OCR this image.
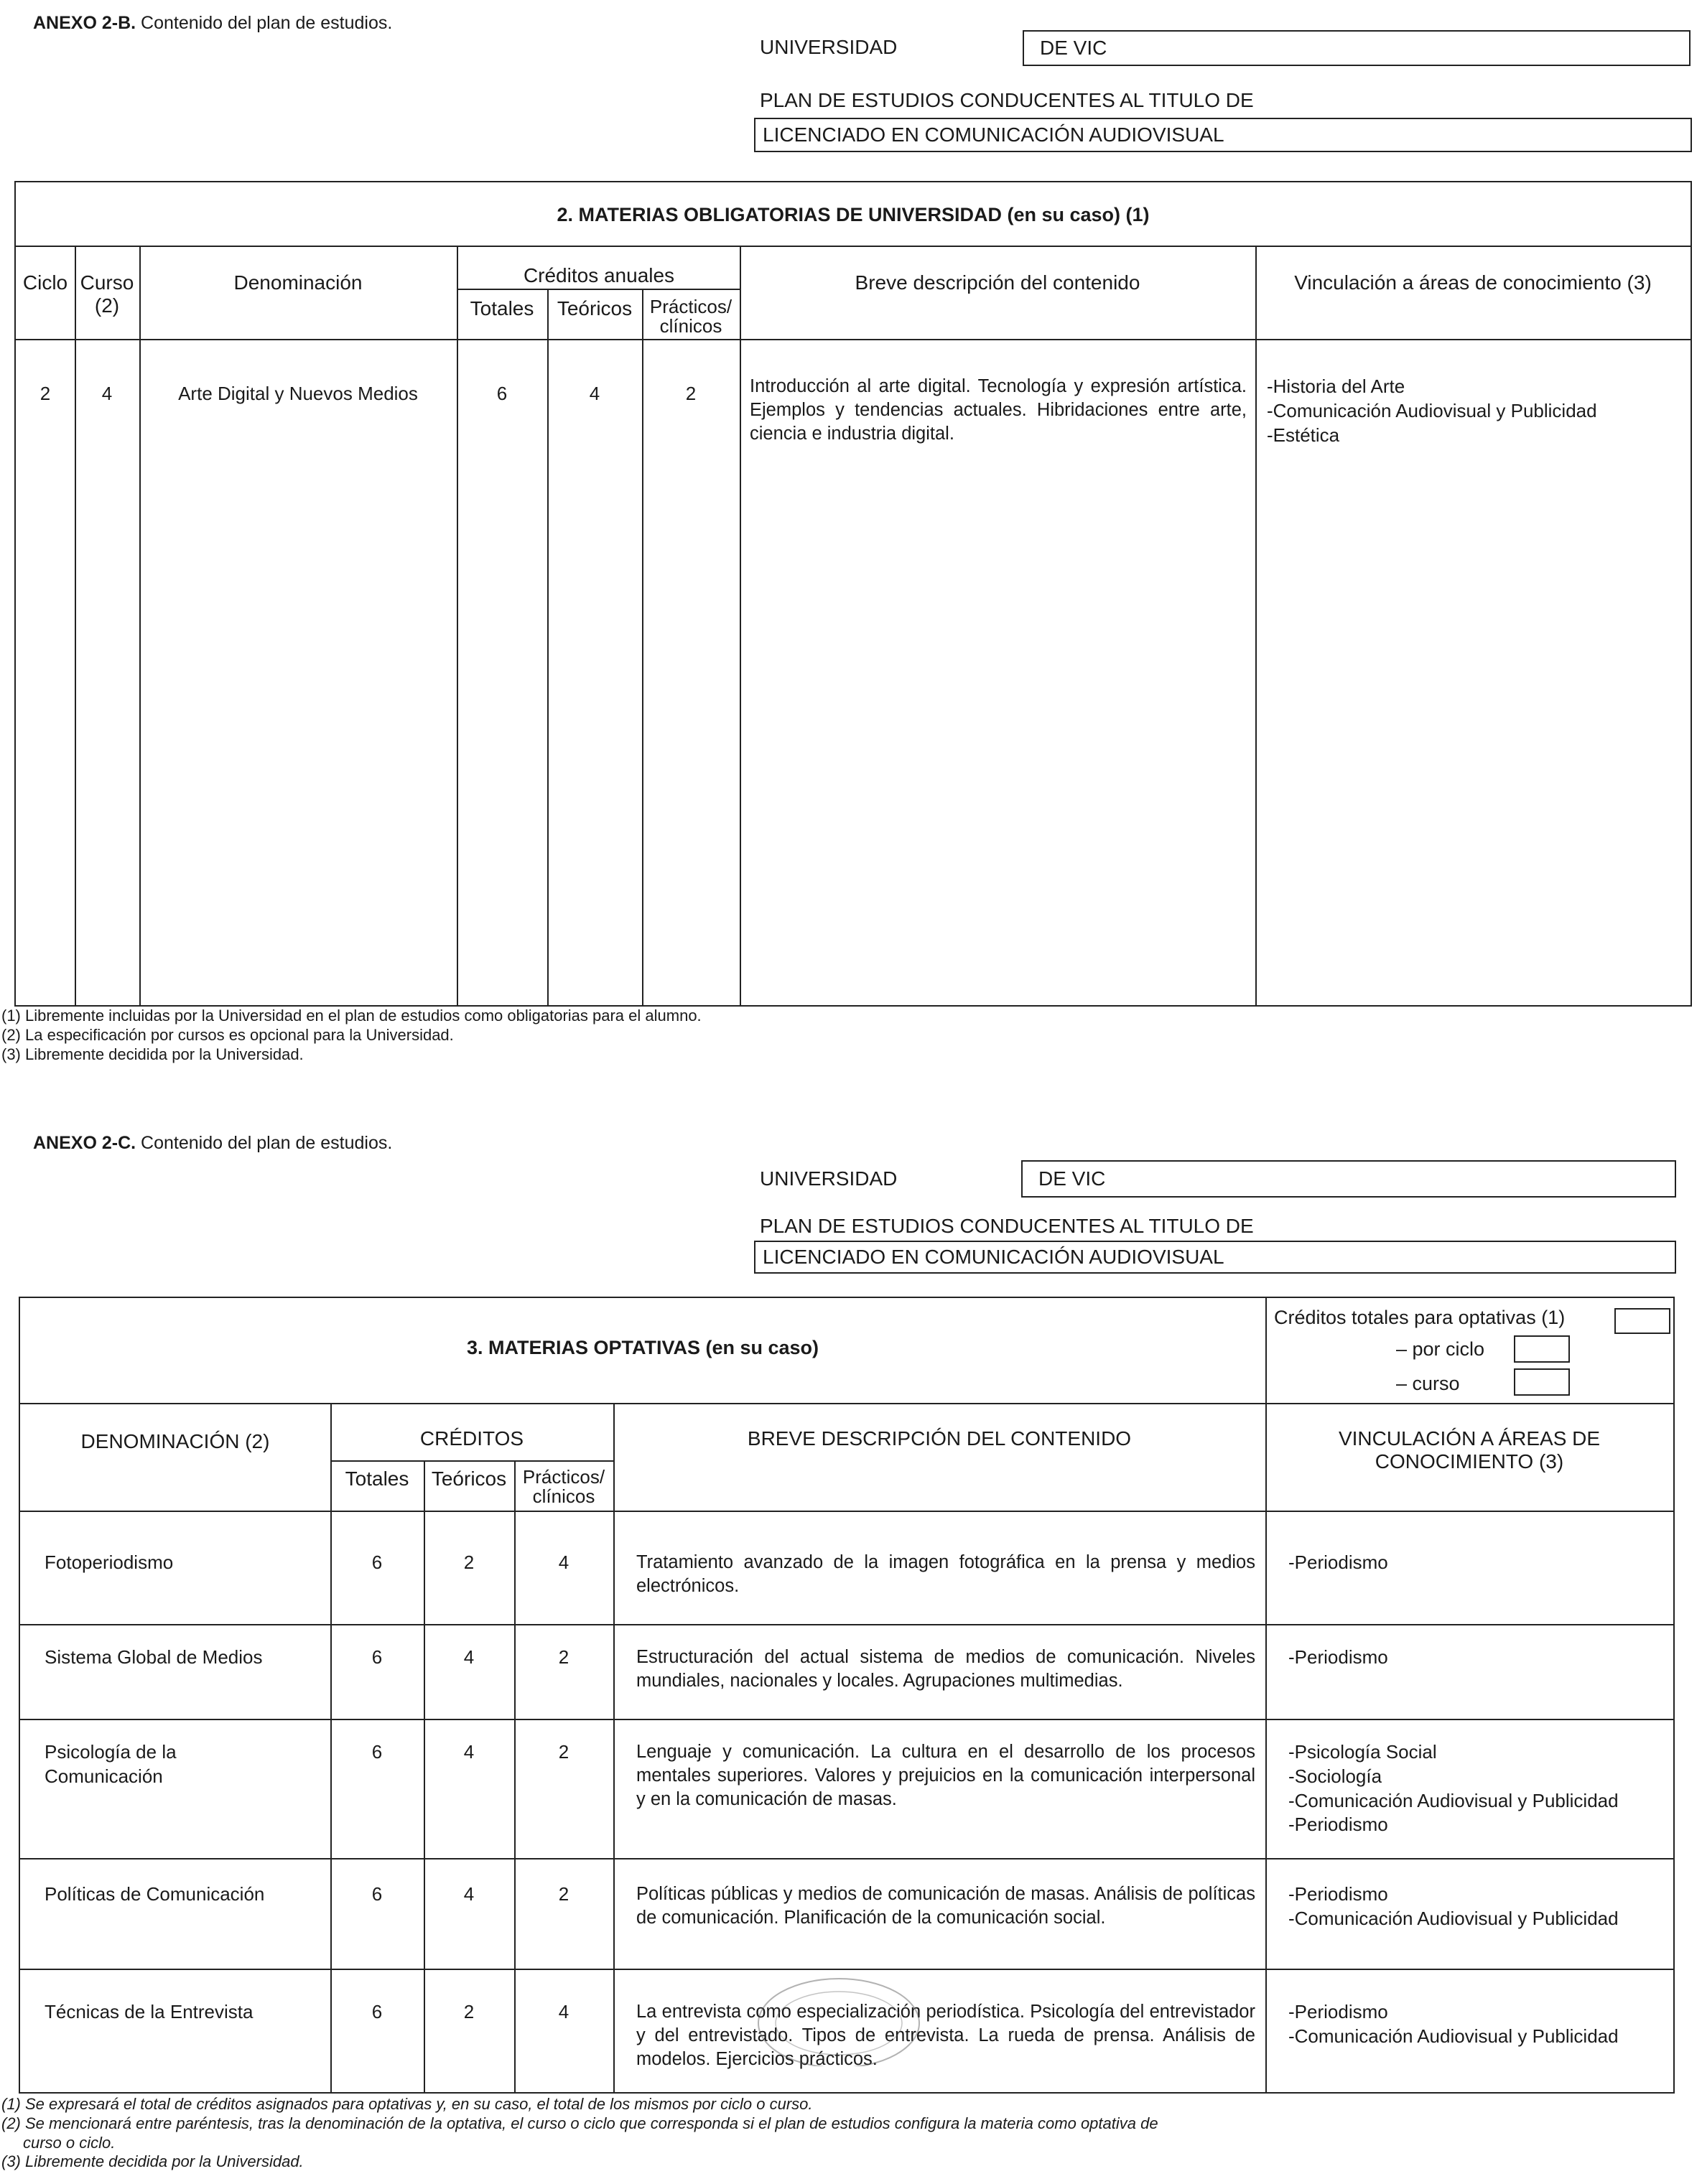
ANEXO 2-B. Contenido del plan de estudios.
UNIVERSIDAD	DE VIC
PLAN DE ESTUDIOS CONDUCENTES AL TITULO DE
LICENCIADO EN COMUNICACIÓN AUDIOVISUAL
2. MATERIAS OBLIGATORIAS DE UNIVERSIDAD (en su caso) (1)
Ciclo Curso
(2)
Denominación	Créditos anuales
Totales	Teóricos Prácticos/
clínicos
Breve descripción del contenido	Vinculación a áreas de conocimiento (3)
2	4	Arte Digital y Nuevos Medios	6	4	2	Introducción al arte digital. Tecnología y expresión artística. Ejemplos y tendencias actuales. Hibridaciones entre arte, ciencia e industria digital.
-Historia del Arte
-Comunicación Audiovisual y Publicidad
-Estética
(1) Libremente incluidas por la Universidad en el plan de estudios como obligatorias para el alumno.
(2) La especificación por cursos es opcional para la Universidad.
(3) Libremente decidida por la Universidad.
ANEXO 2-C. Contenido del plan de estudios.
UNIVERSIDAD	DE VIC
PLAN DE ESTUDIOS CONDUCENTES AL TITULO DE
LICENCIADO EN COMUNICACIÓN AUDIOVISUAL
3. MATERIAS OPTATIVAS (en su caso)
Créditos totales para optativas (1)
– por ciclo
– curso
DENOMINACIÓN (2)	CRÉDITOS
Totales	Teóricos Prácticos/
clínicos
BREVE DESCRIPCIÓN DEL CONTENIDO	VINCULACIÓN A ÁREAS DE
CONOCIMIENTO (3)
Fotoperiodismo	6	2	4	Tratamiento avanzado de la imagen fotográfica en la prensa y medios electrónicos.
-Periodismo
Sistema Global de Medios	6	4	2	Estructuración del actual sistema de medios de comunicación. Niveles mundiales, nacionales y locales. Agrupaciones multimedias.
-Periodismo
Psicología de la
Comunicación
6	4	2	Lenguaje y comunicación. La cultura en el desarrollo de los procesos mentales superiores. Valores y prejuicios en la comunicación interpersonal y en la comunicación de masas.
-Psicología Social
-Sociología
-Comunicación Audiovisual y Publicidad
-Periodismo
Políticas de Comunicación	6	4	2	Políticas públicas y medios de comunicación de masas. Análisis de políticas de comunicación. Planificación de la comunicación social.
-Periodismo
-Comunicación Audiovisual y Publicidad
Técnicas de la Entrevista	6	2	4	La entrevista como especialización periodística. Psicología del entrevistador y del entrevistado. Tipos de entrevista. La rueda de prensa. Análisis de modelos. Ejercicios prácticos.
-Periodismo
-Comunicación Audiovisual y Publicidad
(1) Se expresará el total de créditos asignados para optativas y, en su caso, el total de los mismos por ciclo o curso.
(2) Se mencionará entre paréntesis, tras la denominación de la optativa, el curso o ciclo que corresponda si el plan de estudios configura la materia como optativa de
curso o ciclo.
(3) Libremente decidida por la Universidad.
